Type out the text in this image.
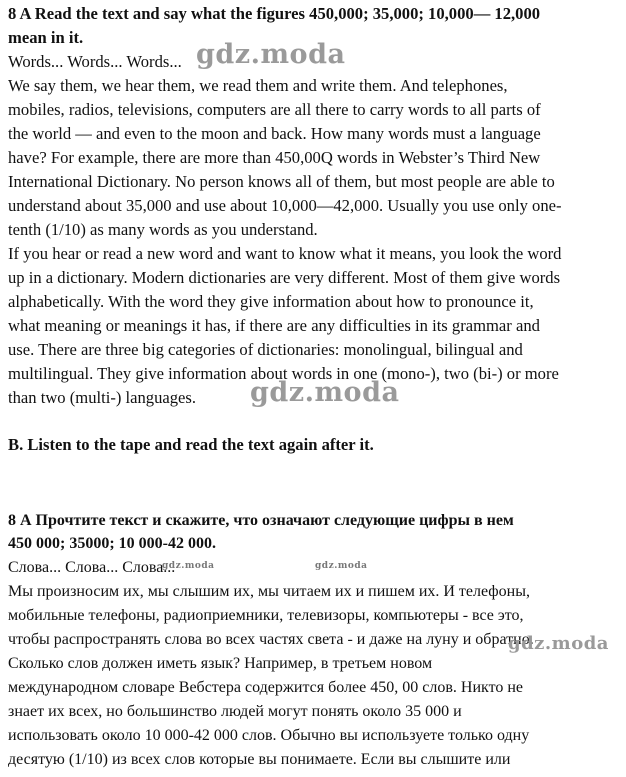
8 A Read the text and say what the figures 450,000; 35,000; 10,000— 12,000
mean in it.
Words... Words... Words...
We say them, we hear them, we read them and write them. And telephones,
mobiles, radios, televisions, computers are all there to carry words to all parts of
the world — and even to the moon and back. How many words must a language
have? For example, there are more than 450,00Q words in Webster’s Third New
International Dictionary. No person knows all of them, but most people are able to
understand about 35,000 and use about 10,000—42,000. Usually you use only one-
tenth (1/10) as many words as you understand.
If you hear or read a new word and want to know what it means, you look the word
up in a dictionary. Modern dictionaries are very different. Most of them give words
alphabetically. With the word they give information about how to pronounce it,
what meaning or meanings it has, if there are any difficulties in its grammar and
use. There are three big categories of dictionaries: monolingual, bilingual and
multilingual. They give information about words in one (mono-), two (bi-) or more
than two (multi-) languages.
B. Listen to the tape and read the text again after it.
8 А Прочтите текст и скажите, что означают следующие цифры в нем
450 000; 35000; 10 000-42 000.
Слова... Слова... Слова...
Мы произносим их, мы слышим их, мы читаем их и пишем их. И телефоны,
мобильные телефоны, радиоприемники, телевизоры, компьютеры - все это,
чтобы распространять слова во всех частях света - и даже на луну и обратно.
Сколько слов должен иметь язык? Например, в третьем новом
международном словаре Вебстера содержится более 450, 00 слов. Никто не
знает их всех, но большинство людей могут понять около 35 000 и
использовать около 10 000-42 000 слов. Обычно вы используете только одну
десятую (1/10) из всех слов которые вы понимаете. Если вы слышите или
gdz.moda
gdz.moda
gdz.moda
gdz.moda	gdz.moda
